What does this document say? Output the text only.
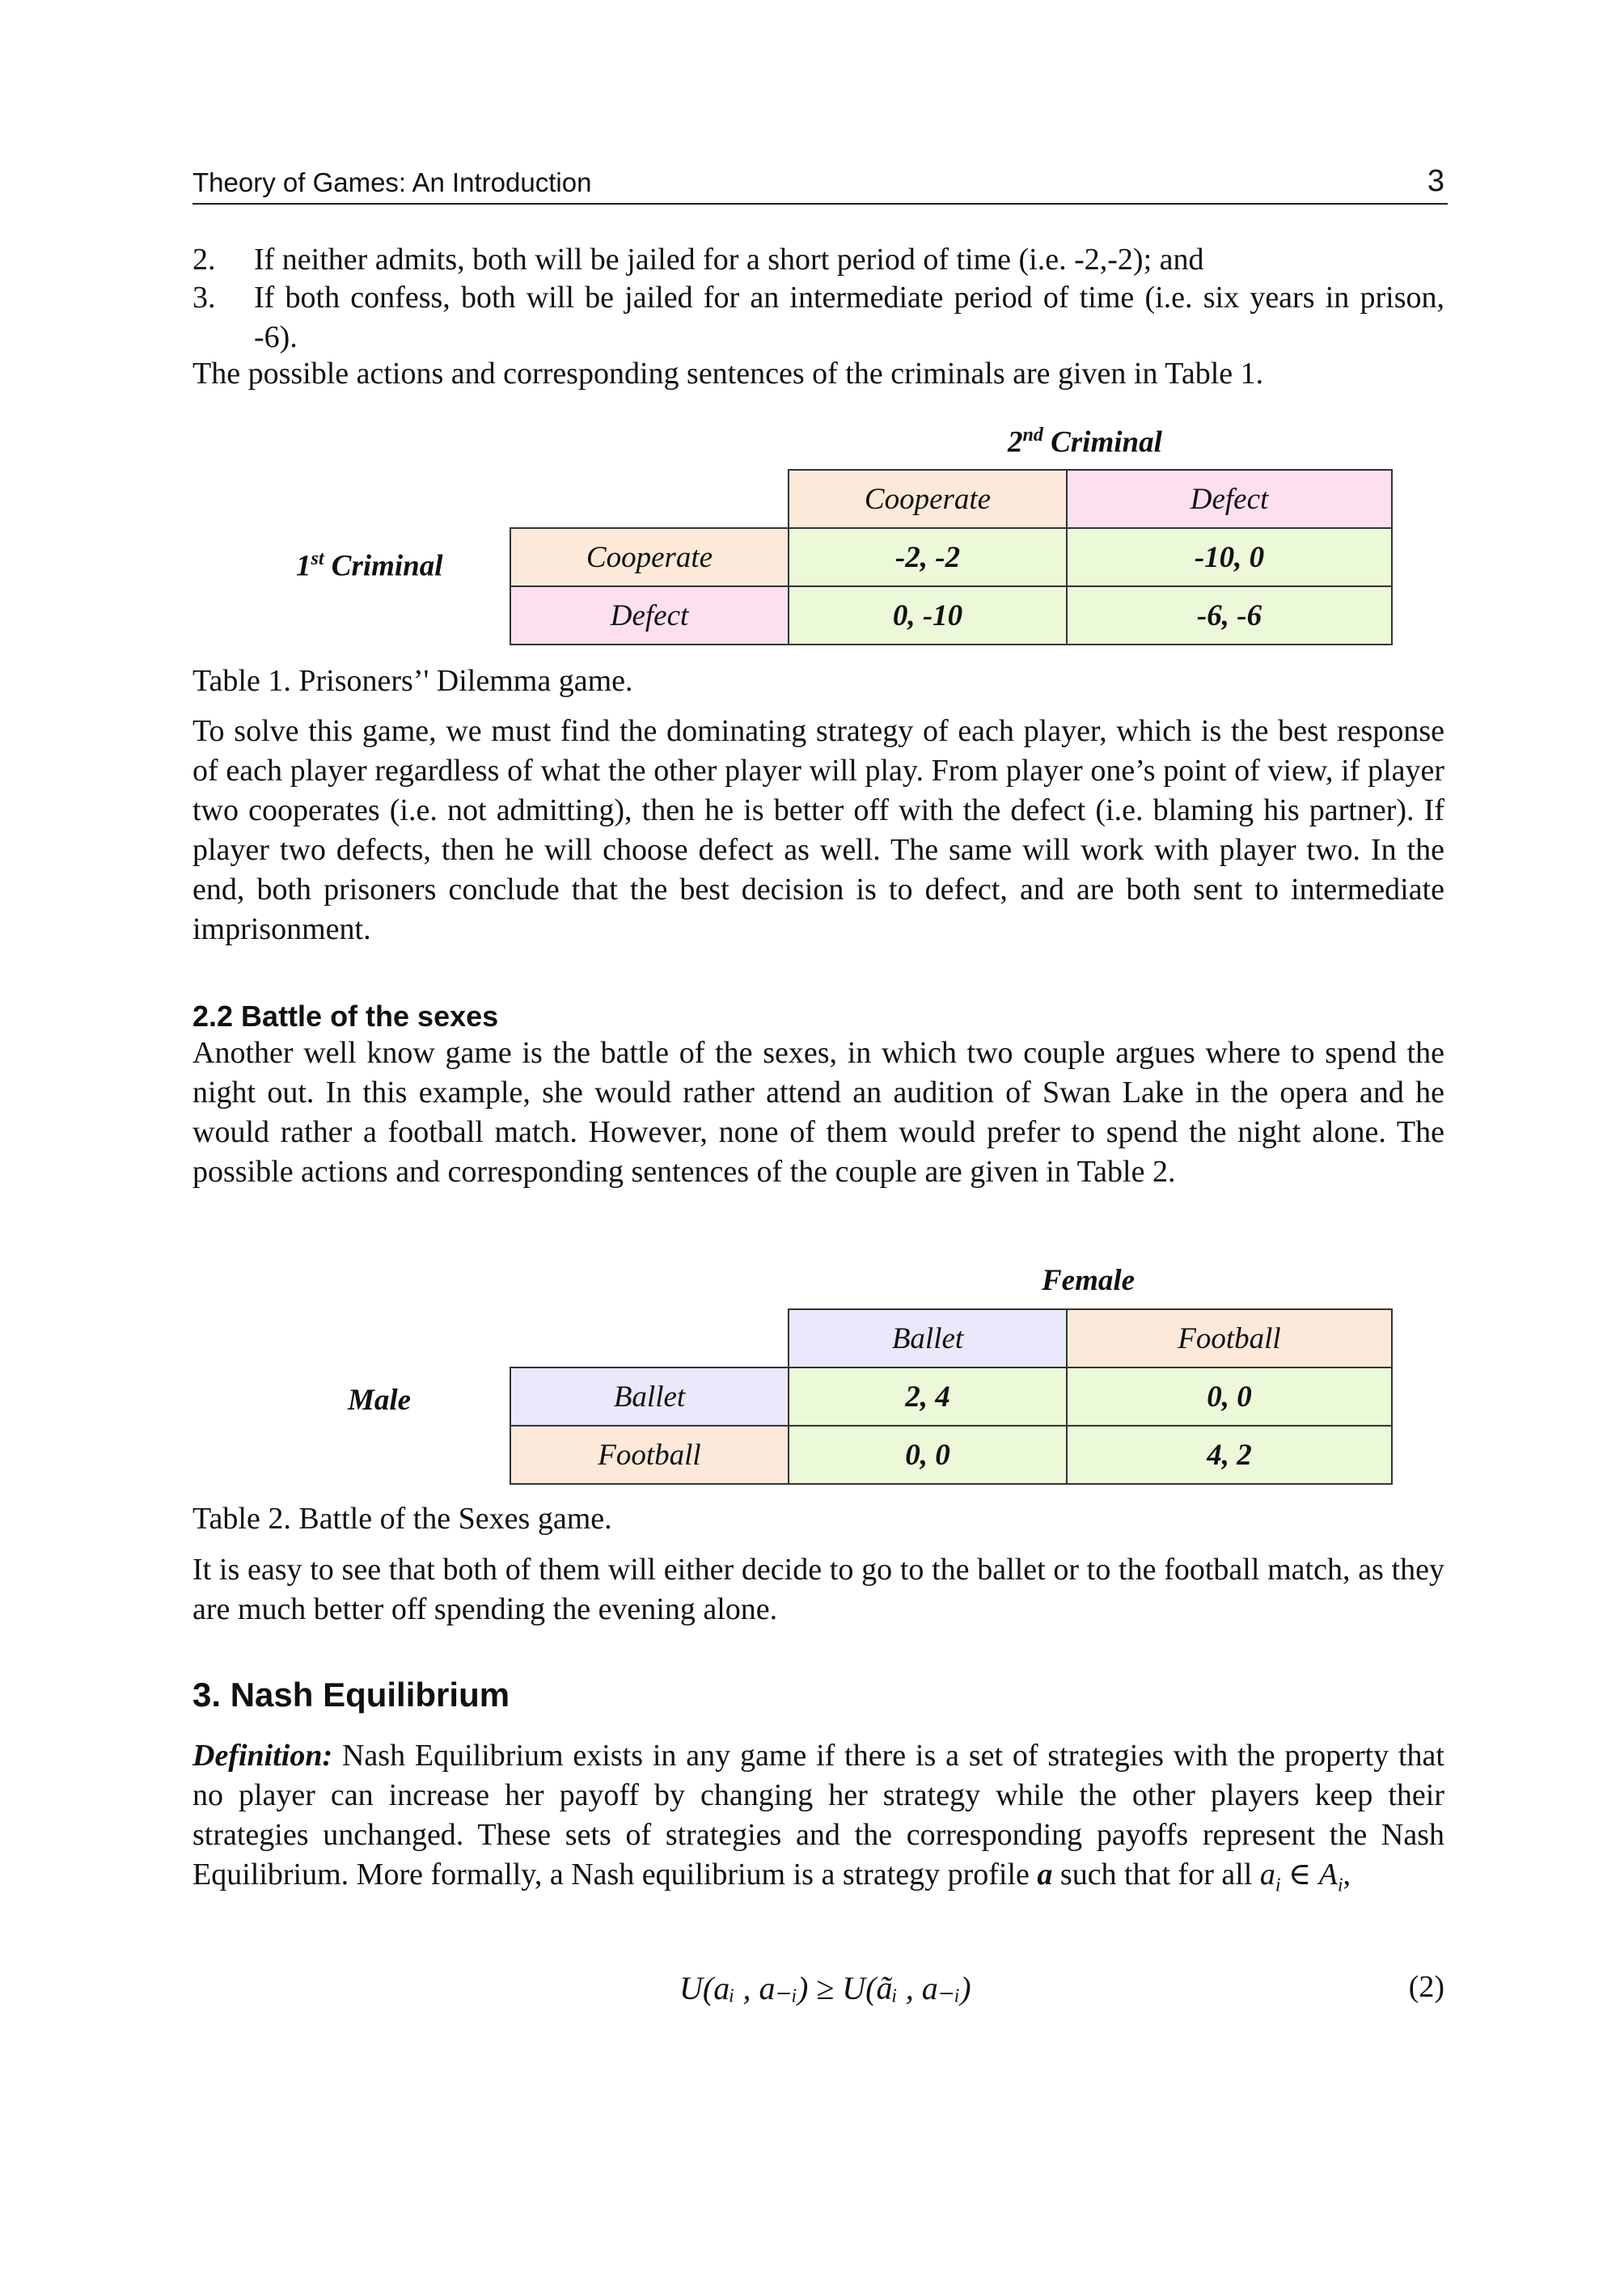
Theory of Games: An Introduction	3
2. If neither admits, both will be jailed for a short period of time (i.e. -2,-2); and
3. If both confess, both will be jailed for an intermediate period of time (i.e. six years in prison, -6).
The possible actions and corresponding sentences of the criminals are given in Table 1.
2nd Criminal
1st Criminal
Cooperate	Defect
Cooperate	-2, -2	-10, 0
Defect	0, -10	-6, -6
Table 1. Prisoners’' Dilemma game.
To solve this game, we must find the dominating strategy of each player, which is the best response of each player regardless of what the other player will play. From player one’s point of view, if player two cooperates (i.e. not admitting), then he is better off with the defect (i.e. blaming his partner). If player two defects, then he will choose defect as well. The same will work with player two. In the end, both prisoners conclude that the best decision is to defect, and are both sent to intermediate imprisonment.
2.2 Battle of the sexes
Another well know game is the battle of the sexes, in which two couple argues where to spend the night out. In this example, she would rather attend an audition of Swan Lake in the opera and he would rather a football match. However, none of them would prefer to spend the night alone. The possible actions and corresponding sentences of the couple are given in Table 2.
Female
Male
Ballet	Football
Ballet	2, 4	0, 0
Football	0, 0	4, 2
Table 2. Battle of the Sexes game.
It is easy to see that both of them will either decide to go to the ballet or to the football match, as they are much better off spending the evening alone.
3. Nash Equilibrium
Definition: Nash Equilibrium exists in any game if there is a set of strategies with the property that no player can increase her payoff by changing her strategy while the other players keep their strategies unchanged. These sets of strategies and the corresponding payoffs represent the Nash Equilibrium. More formally, a Nash equilibrium is a strategy profile a such that for all $a_i$ ∈ $A_i$,
U(aᵢ , a₋ᵢ) ≥ U(ãᵢ , a₋ᵢ)	(2)
